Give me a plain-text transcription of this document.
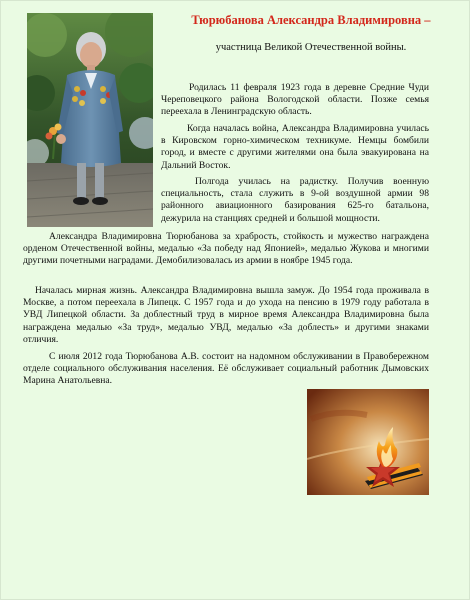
Тюрюбанова Александра Владимировна –
участница Великой Отечественной войны.

Родилась 11 февраля 1923 года в деревне Средние Чуди Череповецкого района Вологодской области. Позже семья переехала в Ленинградскую область.

Когда началась война, Александра Владимировна училась в Кировском горно-химическом техникуме. Немцы бомбили город, и вместе с другими жителями она была эвакуирована на Дальний Восток.

Полгода училась на радистку. Получив военную специальность, стала служить в 9-ой воздушной армии 98 районного авиационного базирования 625-го батальона, дежурила на станциях средней и большой мощности.

Александра Владимировна Тюрюбанова за храбрость, стойкость и мужество награждена орденом Отечественной войны, медалью «За победу над Японией», медалью Жукова и многими другими почетными наградами. Демобилизовалась из армии в ноябре 1945 года.

Началась мирная жизнь. Александра Владимировна вышла замуж. До 1954 года проживала в Москве, а потом переехала в Липецк. С 1957 года и до ухода на пенсию в 1979 году работала в УВД Липецкой области. За доблестный труд в мирное время Александра Владимировна была награждена медалью «За труд», медалью УВД, медалью «За доблесть» и другими знаками отличия.

С июля 2012 года Тюрюбанова А.В. состоит на надомном обслуживании в Правобережном отделе социального обслуживания населения. Её обслуживает социальный работник Дымовских Марина Анатольевна.
